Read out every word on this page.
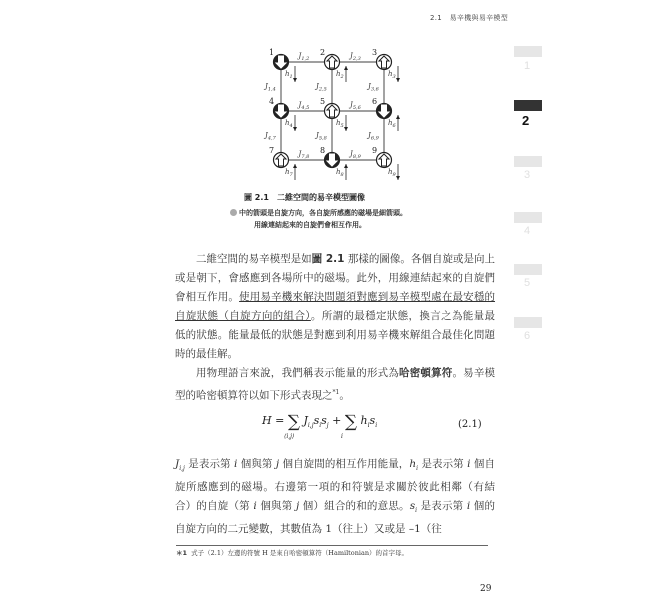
2.1 易辛機與易辛模型
1
2
3
4
5
6
$J_{1,2}$	$J_{2,3}$
$J_{4,5}$	$J_{5,6}$
$J_{7,8}$	$J_{8,9}$
$J_{1,4}$	$J_{2,5}$	$J_{3,6}$
$J_{4,7}$	$J_{5,8}$	$J_{6,9}$
1
$h_1$
2
$h_2$
3
$h_3$
4
$h_4$
5
$h_5$
6
$h_6$
7
$h_7$
8
$h_8$
9
$h_9$
圖 2.1 二維空間的易辛模型圖像
中的箭頭是自旋方向，各自旋所感應的磁場是細箭頭。
用線連結起來的自旋們會相互作用。
二維空間的易辛模型是如圖 2.1 那樣的圖像。各個自旋或是向上或是朝下，會感應到各場所中的磁場。此外，用線連結起來的自旋們會相互作用。使用易辛機來解決問題須對應到易辛模型處在最安穩的自旋狀態（自旋方向的組合）。所謂的最穩定狀態，換言之為能量最低的狀態。能量最低的狀態是對應到利用易辛機來解組合最佳化問題時的最佳解。
用物理語言來說，我們稱表示能量的形式為哈密頓算符。易辛模型的哈密頓算符以如下形式表現之$^{*1}$。
H = ∑ $J_{i,j}s_is_j$ + ∑ $h_is_i$
⟨i,j⟩	i
(2.1)
$J_{i,j}$ 是表示第 i 個與第 j 個自旋間的相互作用能量，$h_i$ 是表示第 i 個自旋所感應到的磁場。右邊第一項的和符號是求關於彼此相鄰（有結合）的自旋（第 i 個與第 j 個）組合的和的意思。$s_i$ 是表示第 i 個的自旋方向的二元變數，其數值為 1（往上）又或是 –1（往
＊1 式子（2.1）左邊的符號 H 是來自哈密頓算符（Hamiltonian）的首字母。
29
